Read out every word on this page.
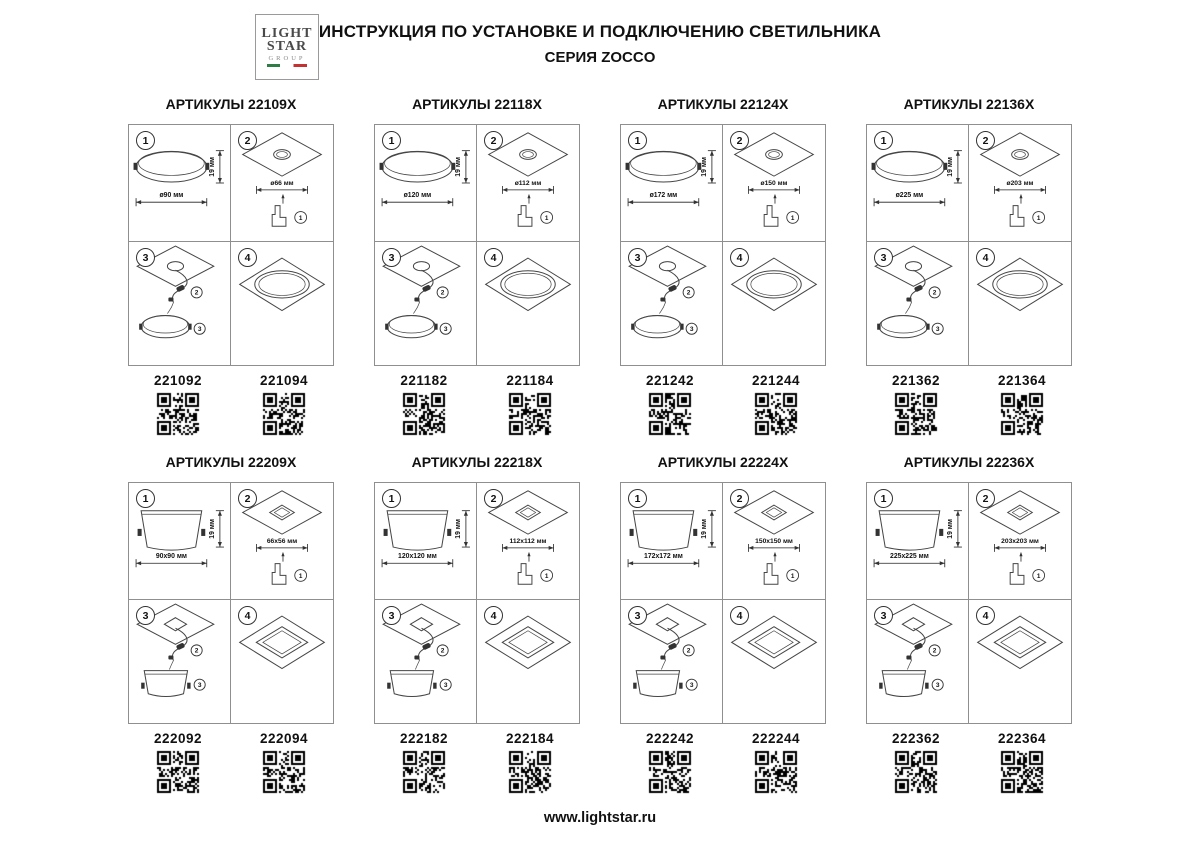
LIGHT
STAR
GROUP
ИНСТРУКЦИЯ ПО УСТАНОВКЕ И ПОДКЛЮЧЕНИЮ СВЕТИЛЬНИКА
СЕРИЯ ZOCCO
АРТИКУЛЫ 22109X
1
19 мм
ø90 мм
2
ø66 мм
1
3
2
3
4
221092	221094
АРТИКУЛЫ 22118X
1
19 мм
ø120 мм
2
ø112 мм
1
3
2
3
4
221182	221184
АРТИКУЛЫ 22124X
1
19 мм
ø172 мм
2
ø150 мм
1
3
2
3
4
221242	221244
АРТИКУЛЫ 22136X
1
19 мм
ø225 мм
2
ø203 мм
1
3
2
3
4
221362	221364
АРТИКУЛЫ 22209X
1
19 мм
90x90 мм
2
66x56 мм
1
3
2
3
4
222092	222094
АРТИКУЛЫ 22218X
1
19 мм
120x120 мм
2
112x112 мм
1
3
2
3
4
222182	222184
АРТИКУЛЫ 22224X
1
19 мм
172x172 мм
2
150x150 мм
1
3
2
3
4
222242	222244
АРТИКУЛЫ 22236X
1
19 мм
225x225 мм
2
203x203 мм
1
3
2
3
4
222362	222364
www.lightstar.ru
